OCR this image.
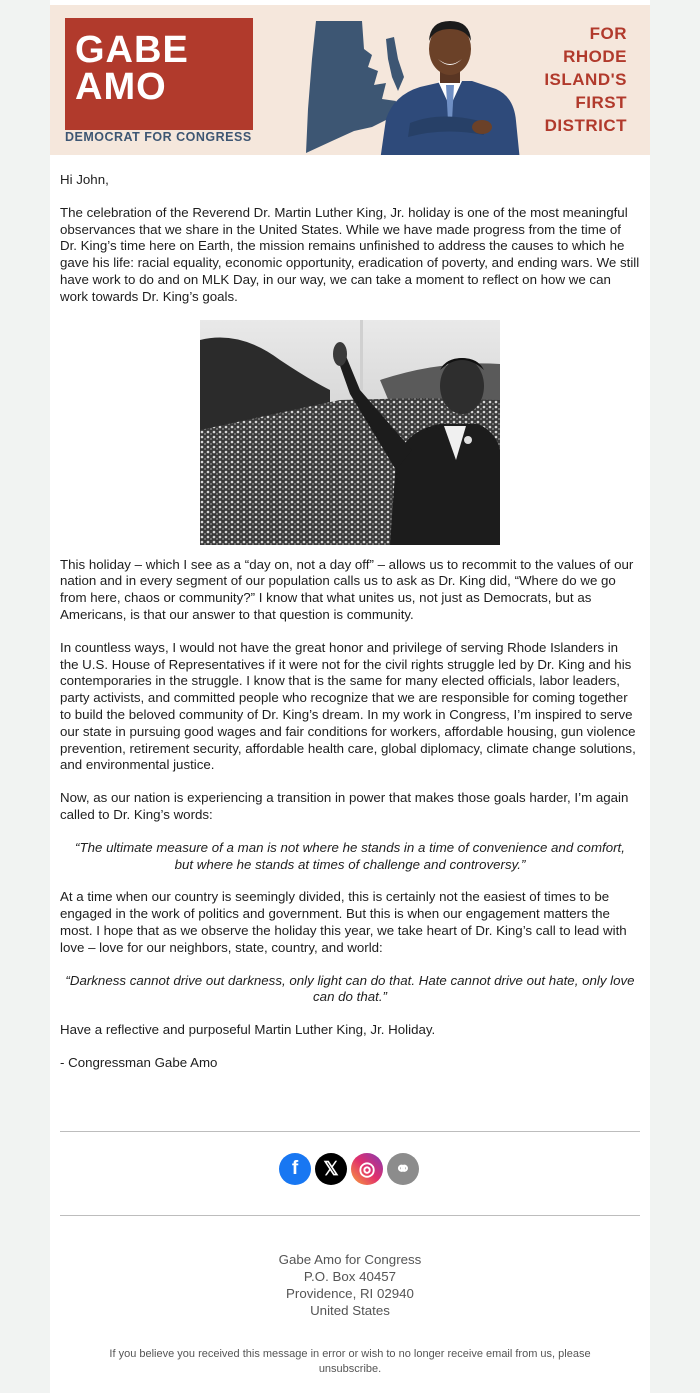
GABE
AMO
DEMOCRAT FOR CONGRESS
FOR
RHODE
ISLAND'S
FIRST
DISTRICT

Hi John,

The celebration of the Reverend Dr. Martin Luther King, Jr. holiday is one of the most meaningful observances that we share in the United States. While we have made progress from the time of Dr. King’s time here on Earth, the mission remains unfinished to address the causes to which he gave his life: racial equality, economic opportunity, eradication of poverty, and ending wars. We still have work to do and on MLK Day, in our way, we can take a moment to reflect on how we can work towards Dr. King’s goals.

This holiday – which I see as a “day on, not a day off” – allows us to recommit to the values of our nation and in every segment of our population calls us to ask as Dr. King did, “Where do we go from here, chaos or community?” I know that what unites us, not just as Democrats, but as Americans, is that our answer to that question is community.

In countless ways, I would not have the great honor and privilege of serving Rhode Islanders in the U.S. House of Representatives if it were not for the civil rights struggle led by Dr. King and his contemporaries in the struggle. I know that is the same for many elected officials, labor leaders, party activists, and committed people who recognize that we are responsible for coming together to build the beloved community of Dr. King’s dream. In my work in Congress, I’m inspired to serve our state in pursuing good wages and fair conditions for workers, affordable housing, gun violence prevention, retirement security, affordable health care, global diplomacy, climate change solutions, and environmental justice.

Now, as our nation is experiencing a transition in power that makes those goals harder, I’m again called to Dr. King’s words:

“The ultimate measure of a man is not where he stands in a time of convenience and comfort, but where he stands at times of challenge and controversy.”

At a time when our country is seemingly divided, this is certainly not the easiest of times to be engaged in the work of politics and government. But this is when our engagement matters the most. I hope that as we observe the holiday this year, we take heart of Dr. King’s call to lead with love – love for our neighbors, state, country, and world:

“Darkness cannot drive out darkness, only light can do that. Hate cannot drive out hate, only love can do that.”

Have a reflective and purposeful Martin Luther King, Jr. Holiday.

- Congressman Gabe Amo

f 𝕏 ◎ ⚭
Gabe Amo for Congress
P.O. Box 40457
Providence, RI 02940
United States
If you believe you received this message in error or wish to no longer receive email from us, please unsubscribe.
